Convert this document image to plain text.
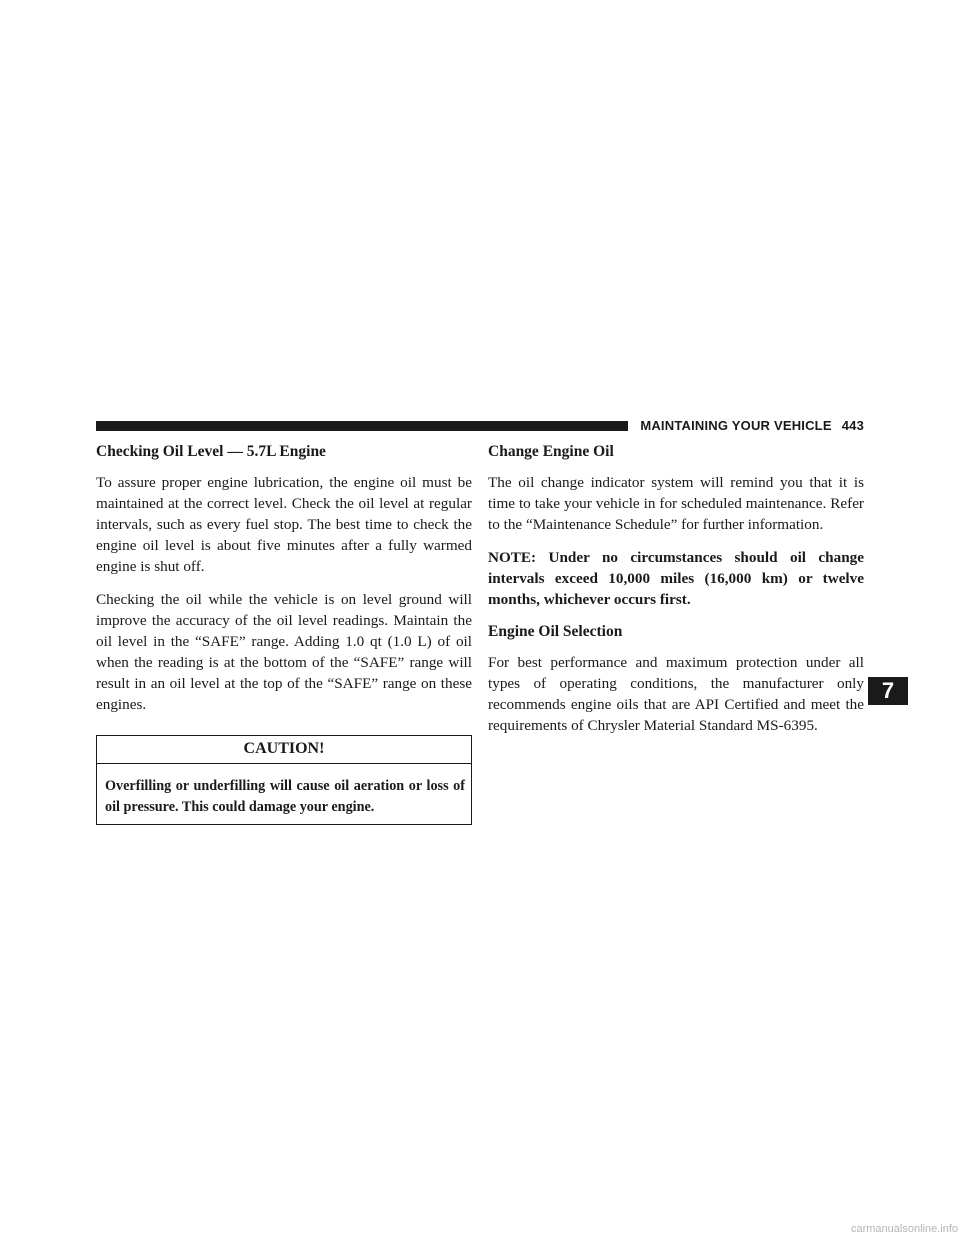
MAINTAINING YOUR VEHICLE 443
Checking Oil Level — 5.7L Engine

To assure proper engine lubrication, the engine oil must be maintained at the correct level. Check the oil level at regular intervals, such as every fuel stop. The best time to check the engine oil level is about five minutes after a fully warmed engine is shut off.

Checking the oil while the vehicle is on level ground will improve the accuracy of the oil level readings. Maintain the oil level in the “SAFE” range. Adding 1.0 qt (1.0 L) of oil when the reading is at the bottom of the “SAFE” range will result in an oil level at the top of the “SAFE” range on these engines.

CAUTION!
Overfilling or underfilling will cause oil aeration or loss of oil pressure. This could damage your engine.
Change Engine Oil

The oil change indicator system will remind you that it is time to take your vehicle in for scheduled maintenance. Refer to the “Maintenance Schedule” for further information.

NOTE: Under no circumstances should oil change intervals exceed 10,000 miles (16,000 km) or twelve months, whichever occurs first.

Engine Oil Selection

For best performance and maximum protection under all types of operating conditions, the manufacturer only recommends engine oils that are API Certified and meet the requirements of Chrysler Material Standard MS-6395.

7
carmanualsonline.info
